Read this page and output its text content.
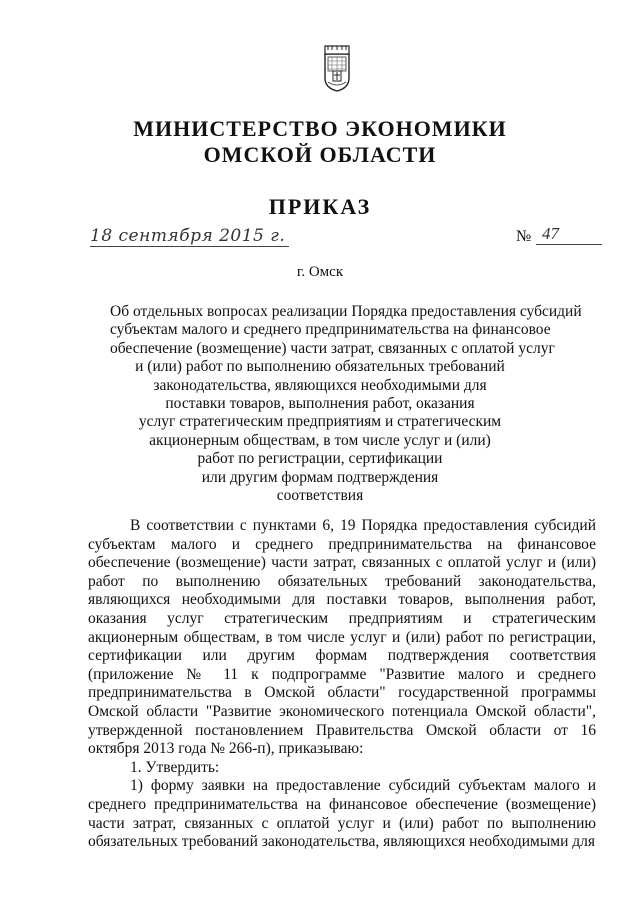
МИНИСТЕРСТВО ЭКОНОМИКИ
ОМСКОЙ ОБЛАСТИ
ПРИКАЗ
18 сентября 2015 г.	№ 47
г. Омск
Об отдельных вопросах реализации Порядка предоставления субсидий
субъектам малого и среднего предпринимательства на финансовое
обеспечение (возмещение) части затрат, связанных с оплатой услуг
и (или) работ по выполнению обязательных требований
законодательства, являющихся необходимыми для
поставки товаров, выполнения работ, оказания
услуг стратегическим предприятиям и стратегическим
акционерным обществам, в том числе услуг и (или)
работ по регистрации, сертификации
или другим формам подтверждения
соответствия

В соответствии с пунктами 6, 19 Порядка предоставления субсидий субъектам малого и среднего предпринимательства на финансовое обеспечение (возмещение) части затрат, связанных с оплатой услуг и (или) работ по выполнению обязательных требований законодательства, являющихся необходимыми для поставки товаров, выполнения работ, оказания услуг стратегическим предприятиям и стратегическим акционерным обществам, в том числе услуг и (или) работ по регистрации, сертификации или другим формам подтверждения соответствия (приложение № 11 к подпрограмме "Развитие малого и среднего предпринимательства в Омской области" государственной программы Омской области "Развитие экономического потенциала Омской области", утвержденной постановлением Правительства Омской области от 16 октября 2013 года № 266-п), приказываю:

1. Утвердить:

1) форму заявки на предоставление субсидий субъектам малого и среднего предпринимательства на финансовое обеспечение (возмещение) части затрат, связанных с оплатой услуг и (или) работ по выполнению обязательных требований законодательства, являющихся необходимыми для
